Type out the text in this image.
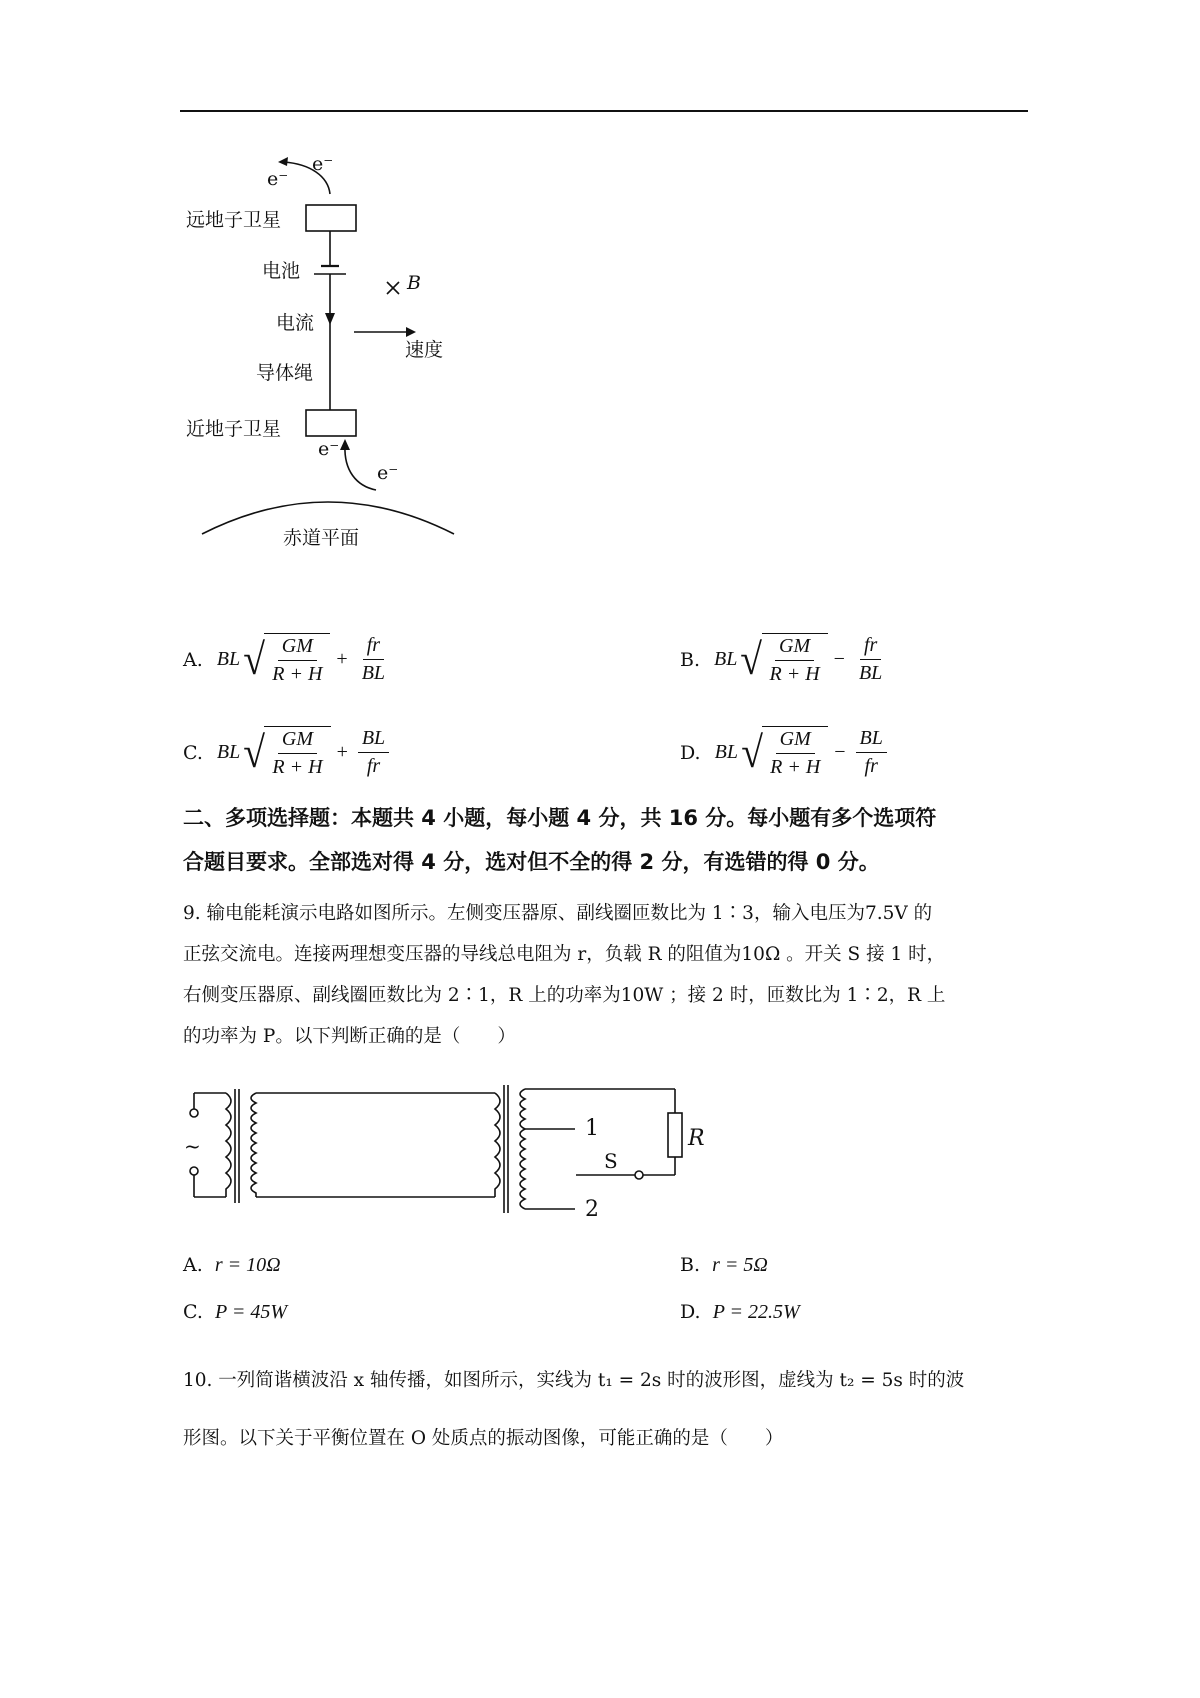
e⁻
e⁻
远地子卫星
电池
B
电流
速度
导体绳
近地子卫星
e⁻
e⁻
赤道平面
A. BL √ $\frac{GM}{R + H} + \frac{fr}{BL}$	B. BL √ $\frac{GM}{R + H} - \frac{fr}{BL}$
C. BL √ $\frac{GM}{R + H} + \frac{BL}{fr}$	D. BL √ $\frac{GM}{R + H} - \frac{BL}{fr}$
二、多项选择题：本题共 4 小题，每小题 4 分，共 16 分。每小题有多个选项符
合题目要求。全部选对得 4 分，选对但不全的得 2 分，有选错的得 0 分。
9. 输电能耗演示电路如图所示。左侧变压器原、副线圈匝数比为 1∶3，输入电压为7.5V 的
正弦交流电。连接两理想变压器的导线总电阻为 r，负载 R 的阻值为10Ω 。开关 S 接 1 时，
右侧变压器原、副线圈匝数比为 2∶1，R 上的功率为10W ；接 2 时，匝数比为 1∶2，R 上
的功率为 P。以下判断正确的是（　　）
~
1
S
R
2
A. r = 10Ω	B. r = 5Ω
C. P = 45W	D. P = 22.5W
10. 一列简谐横波沿 x 轴传播，如图所示，实线为 t₁ = 2s 时的波形图，虚线为 t₂ = 5s 时的波
形图。以下关于平衡位置在 O 处质点的振动图像，可能正确的是（　　）
